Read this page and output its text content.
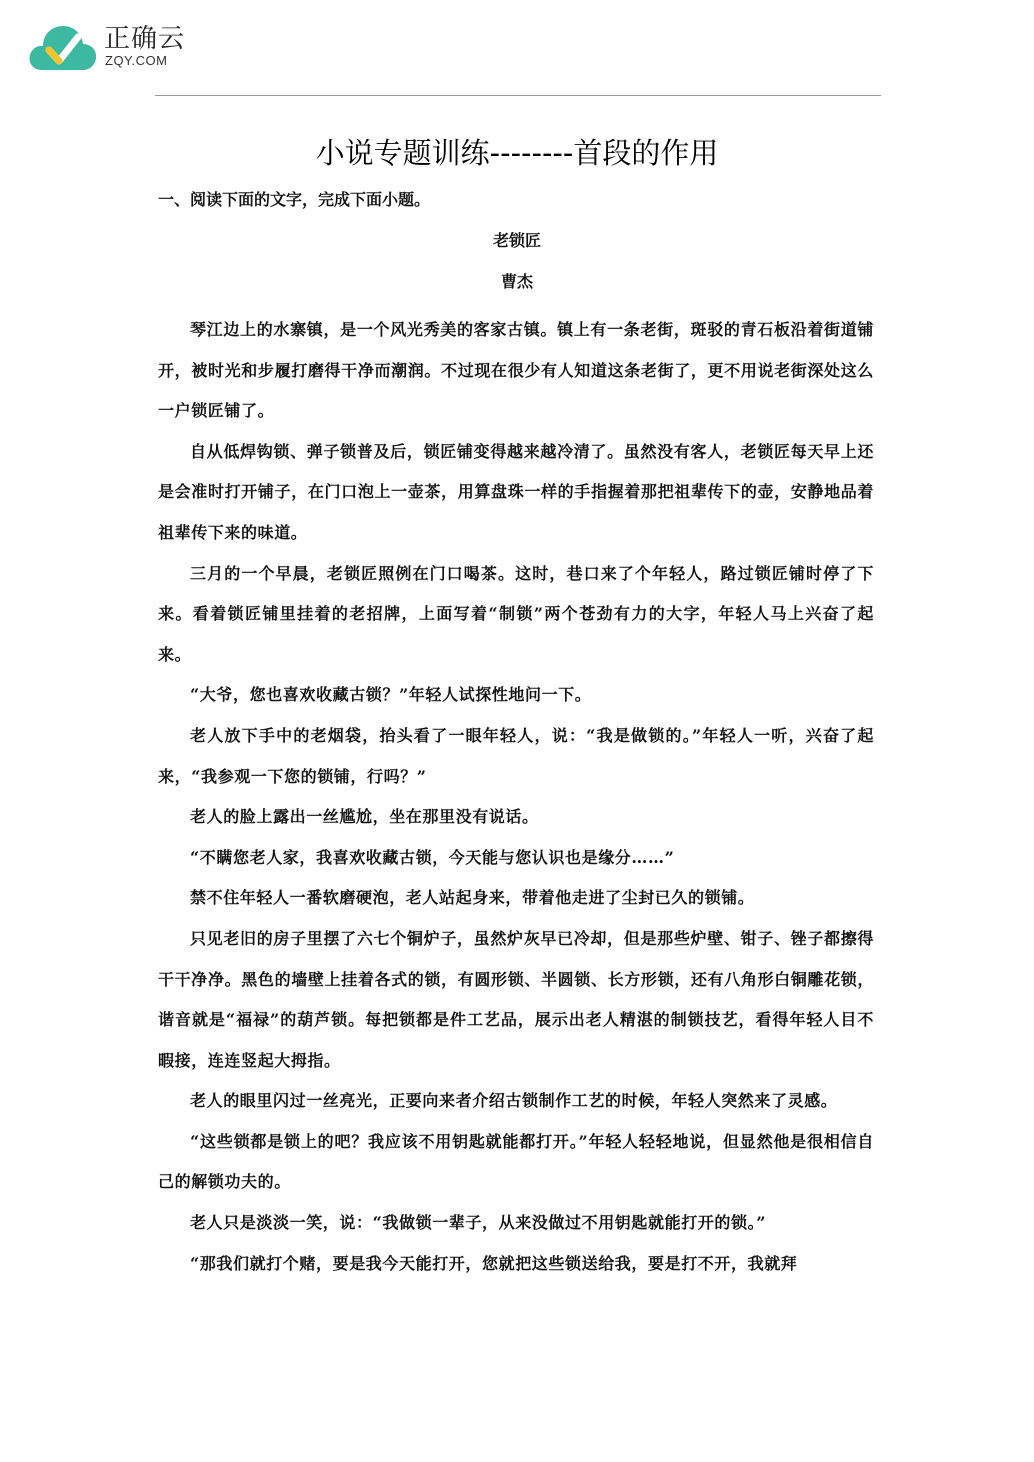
正确云
ZQY.COM
小说专题训练--------首段的作用
一、阅读下面的文字，完成下面小题。
老锁匠
曹杰

琴江边上的水寨镇，是一个风光秀美的客家古镇。镇上有一条老街，斑驳的青石板沿着街道铺开，被时光和步履打磨得干净而潮润。不过现在很少有人知道这条老街了，更不用说老街深处这么一户锁匠铺了。

自从低焊钩锁、弹子锁普及后，锁匠铺变得越来越冷清了。虽然没有客人，老锁匠每天早上还是会准时打开铺子，在门口泡上一壶茶，用算盘珠一样的手指握着那把祖辈传下的壶，安静地品着祖辈传下来的味道。

三月的一个早晨，老锁匠照例在门口喝茶。这时，巷口来了个年轻人，路过锁匠铺时停了下来。看着锁匠铺里挂着的老招牌，上面写着“制锁”两个苍劲有力的大字，年轻人马上兴奋了起来。

“大爷，您也喜欢收藏古锁？”年轻人试探性地问一下。

老人放下手中的老烟袋，抬头看了一眼年轻人，说：“我是做锁的。”年轻人一听，兴奋了起来，“我参观一下您的锁铺，行吗？”

老人的脸上露出一丝尴尬，坐在那里没有说话。

“不瞒您老人家，我喜欢收藏古锁，今天能与您认识也是缘分……”

禁不住年轻人一番软磨硬泡，老人站起身来，带着他走进了尘封已久的锁铺。

只见老旧的房子里摆了六七个铜炉子，虽然炉灰早已冷却，但是那些炉壁、钳子、锉子都擦得干干净净。黑色的墙壁上挂着各式的锁，有圆形锁、半圆锁、长方形锁，还有八角形白铜雕花锁，谐音就是“福禄”的葫芦锁。每把锁都是件工艺品，展示出老人精湛的制锁技艺，看得年轻人目不暇接，连连竖起大拇指。

老人的眼里闪过一丝亮光，正要向来者介绍古锁制作工艺的时候，年轻人突然来了灵感。

“这些锁都是锁上的吧？我应该不用钥匙就能都打开。”年轻人轻轻地说，但显然他是很相信自己的解锁功夫的。

老人只是淡淡一笑，说：“我做锁一辈子，从来没做过不用钥匙就能打开的锁。”

“那我们就打个赌，要是我今天能打开，您就把这些锁送给我，要是打不开，我就拜
